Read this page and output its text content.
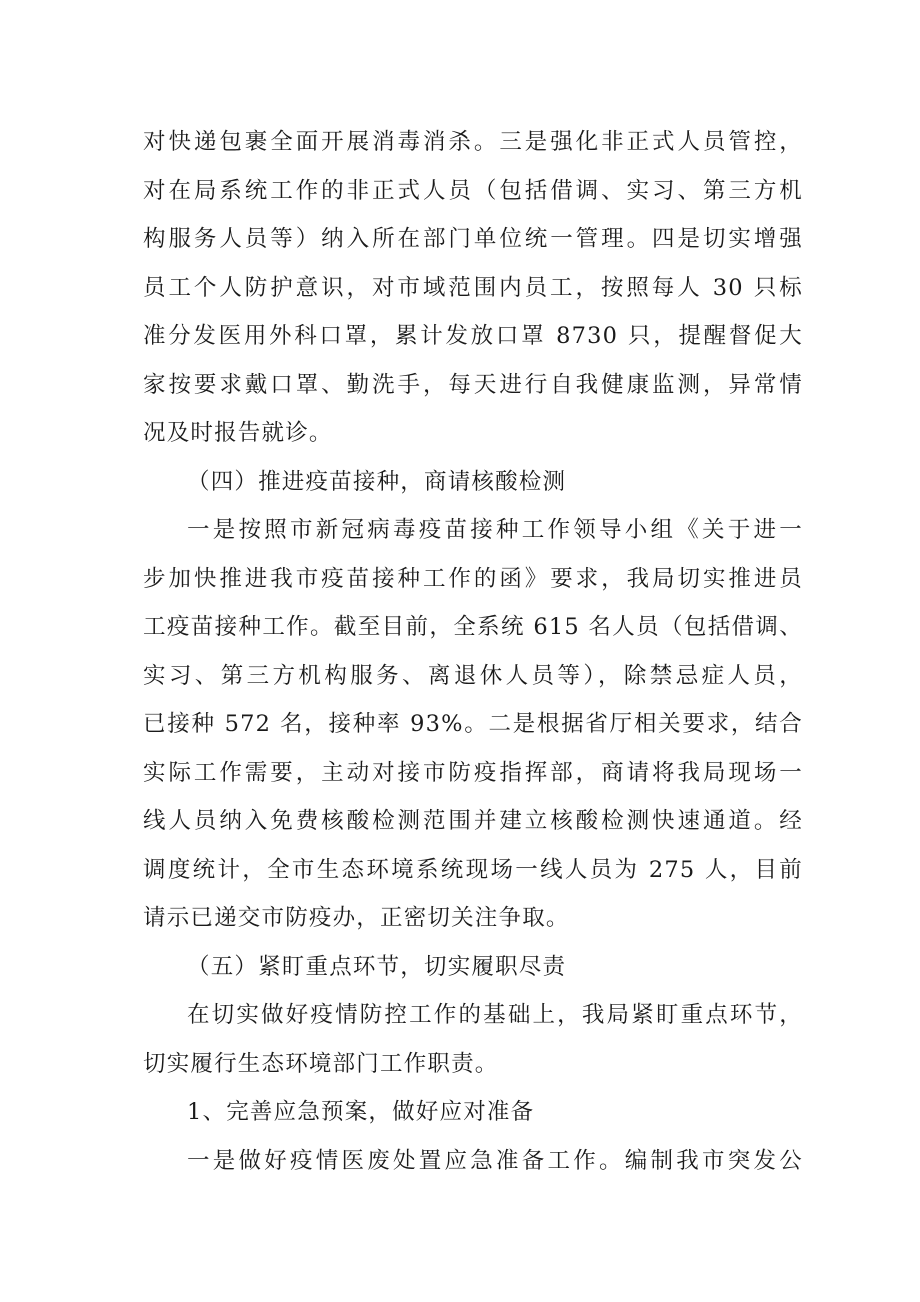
对快递包裹全面开展消毒消杀。三是强化非正式人员管控，
对在局系统工作的非正式人员（包括借调、实习、第三方机
构服务人员等）纳入所在部门单位统一管理。四是切实增强
员工个人防护意识，对市域范围内员工，按照每人 30 只标
准分发医用外科口罩，累计发放口罩 8730 只，提醒督促大
家按要求戴口罩、勤洗手，每天进行自我健康监测，异常情
况及时报告就诊。
（四）推进疫苗接种，商请核酸检测
一是按照市新冠病毒疫苗接种工作领导小组《关于进一
步加快推进我市疫苗接种工作的函》要求，我局切实推进员
工疫苗接种工作。截至目前，全系统 615 名人员（包括借调、
实习、第三方机构服务、离退休人员等），除禁忌症人员，
已接种 572 名，接种率 93%。二是根据省厅相关要求，结合
实际工作需要，主动对接市防疫指挥部，商请将我局现场一
线人员纳入免费核酸检测范围并建立核酸检测快速通道。经
调度统计，全市生态环境系统现场一线人员为 275 人，目前
请示已递交市防疫办，正密切关注争取。
（五）紧盯重点环节，切实履职尽责
在切实做好疫情防控工作的基础上，我局紧盯重点环节，
切实履行生态环境部门工作职责。
1、完善应急预案，做好应对准备
一是做好疫情医废处置应急准备工作。编制我市突发公
